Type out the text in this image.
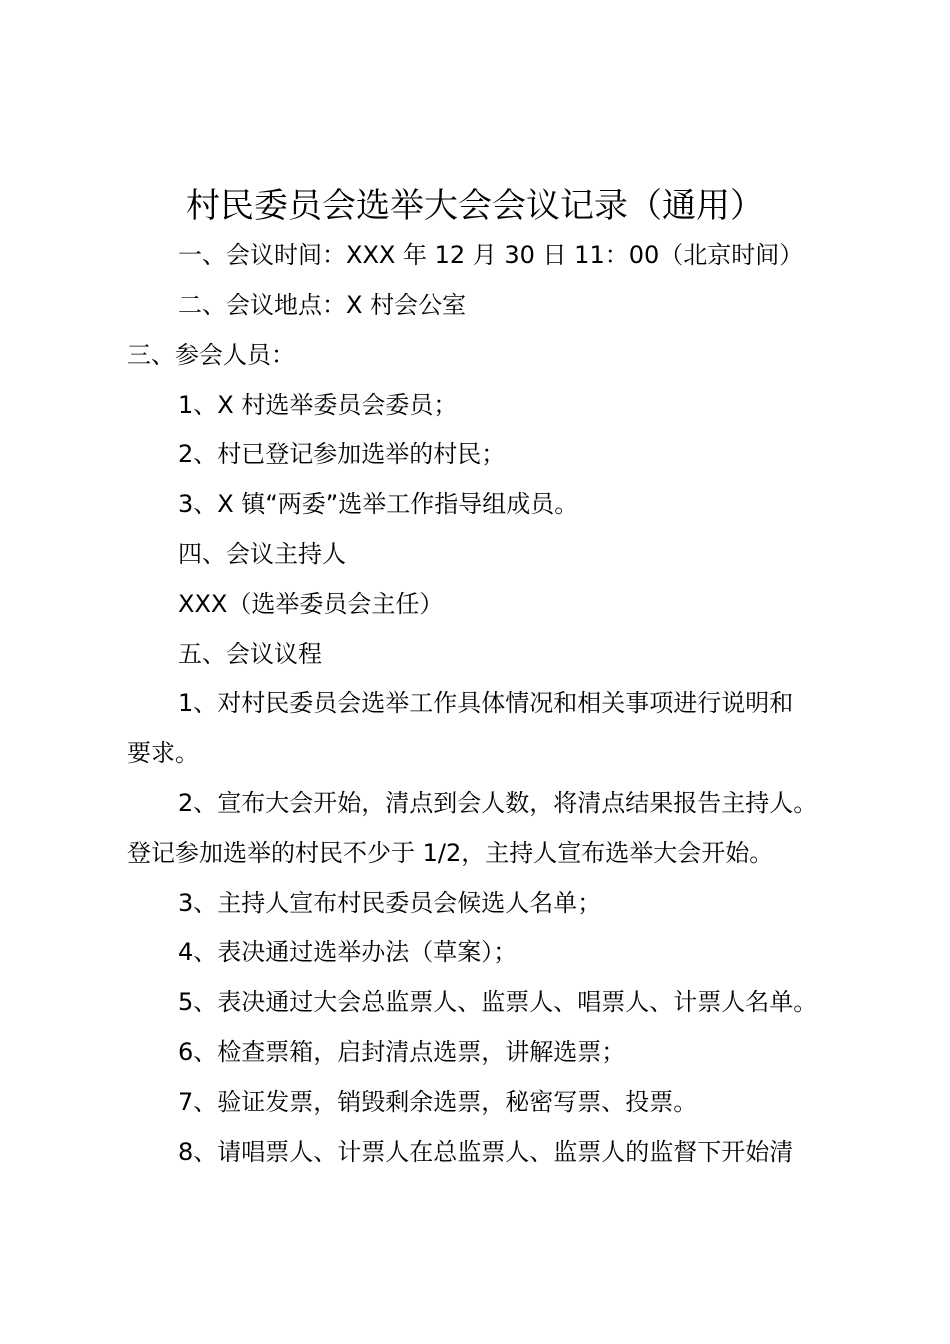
村民委员会选举大会会议记录（通用）
一、会议时间：XXX 年 12 月 30 日 11：00（北京时间）
二、会议地点：X 村会公室
三、参会人员：
1、X 村选举委员会委员；
2、村已登记参加选举的村民；
3、X 镇“两委”选举工作指导组成员。
四、会议主持人
XXX（选举委员会主任）
五、会议议程
1、对村民委员会选举工作具体情况和相关事项进行说明和
要求。
2、宣布大会开始，清点到会人数，将清点结果报告主持人。
登记参加选举的村民不少于 1/2，主持人宣布选举大会开始。
3、主持人宣布村民委员会候选人名单；
4、表决通过选举办法（草案）；
5、表决通过大会总监票人、监票人、唱票人、计票人名单。
6、检查票箱，启封清点选票，讲解选票；
7、验证发票，销毁剩余选票，秘密写票、投票。
8、请唱票人、计票人在总监票人、监票人的监督下开始清
